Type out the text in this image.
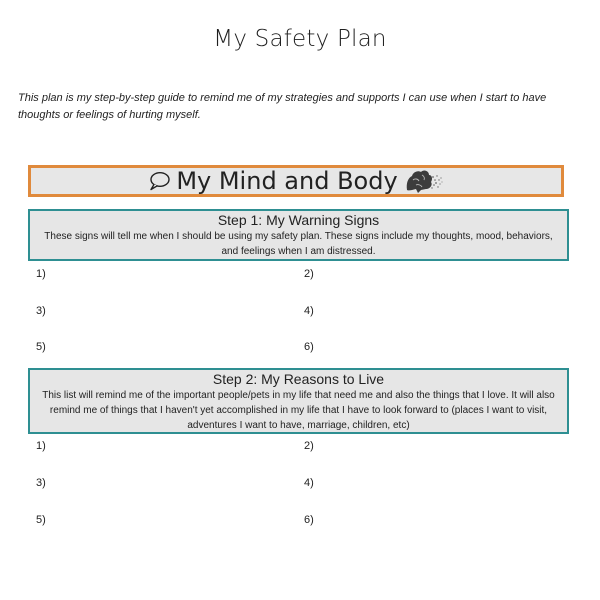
My Safety Plan
This plan is my step-by-step guide to remind me of my strategies and supports I can use when I start to have thoughts or feelings of hurting myself.
My Mind and Body
Step 1: My Warning Signs

These signs will tell me when I should be using my safety plan. These signs include my thoughts, mood, behaviors, and feelings when I am distressed.

1)	2)
3)	4)
5)	6)
Step 2: My Reasons to Live

This list will remind me of the important people/pets in my life that need me and also the things that I love. It will also remind me of things that I haven't yet accomplished in my life that I have to look forward to (places I want to visit, adventures I want to have, marriage, children, etc)

1)	2)
3)	4)
5)	6)
